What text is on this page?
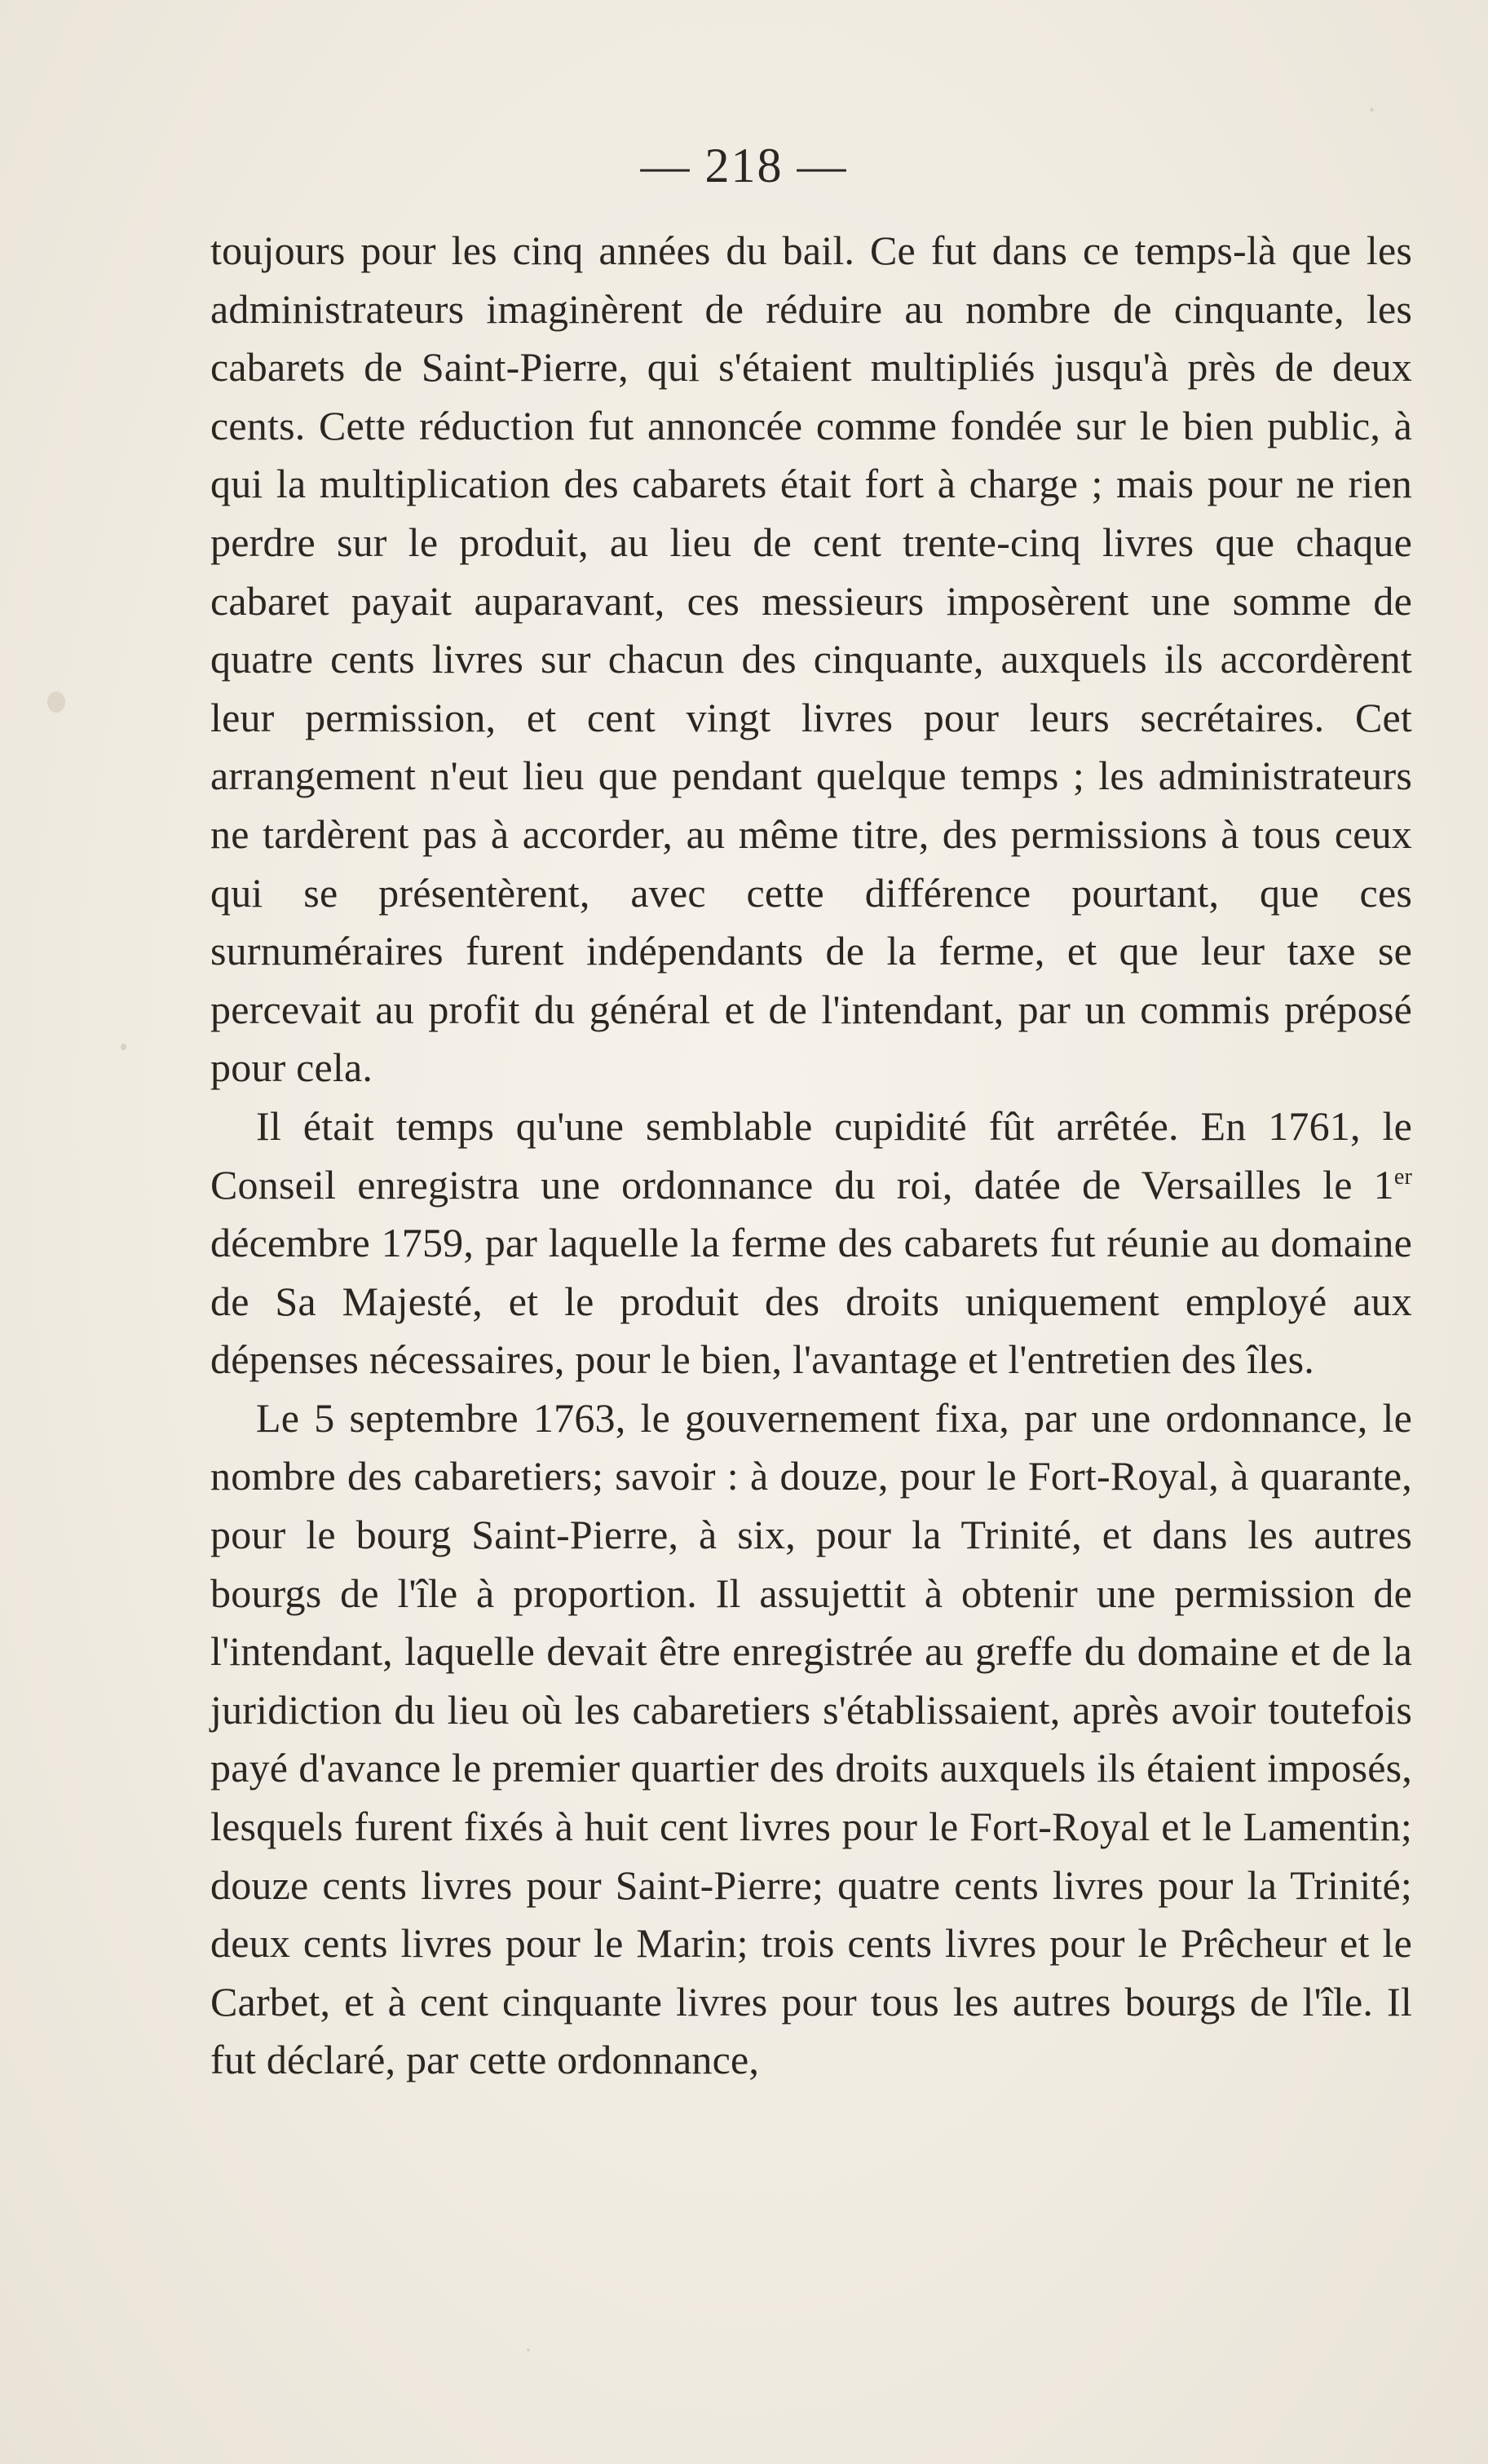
— 218 —

toujours pour les cinq années du bail. Ce fut dans ce temps-là que les administrateurs imaginèrent de réduire au nombre de cinquante, les cabarets de Saint-Pierre, qui s'étaient multipliés jusqu'à près de deux cents. Cette réduction fut annoncée comme fondée sur le bien public, à qui la multiplication des cabarets était fort à charge ; mais pour ne rien perdre sur le produit, au lieu de cent trente-cinq livres que chaque cabaret payait auparavant, ces messieurs imposèrent une somme de quatre cents livres sur chacun des cinquante, auxquels ils accordèrent leur permission, et cent vingt livres pour leurs secrétaires. Cet arrangement n'eut lieu que pendant quelque temps ; les administrateurs ne tardèrent pas à accorder, au même titre, des permissions à tous ceux qui se présentèrent, avec cette différence pourtant, que ces surnuméraires furent indépendants de la ferme, et que leur taxe se percevait au profit du général et de l'intendant, par un commis préposé pour cela.

Il était temps qu'une semblable cupidité fût arrêtée. En 1761, le Conseil enregistra une ordonnance du roi, datée de Versailles le 1er décembre 1759, par laquelle la ferme des cabarets fut réunie au domaine de Sa Majesté, et le produit des droits uniquement employé aux dépenses nécessaires, pour le bien, l'avantage et l'entretien des îles.

Le 5 septembre 1763, le gouvernement fixa, par une ordonnance, le nombre des cabaretiers; savoir : à douze, pour le Fort-Royal, à quarante, pour le bourg Saint-Pierre, à six, pour la Trinité, et dans les autres bourgs de l'île à proportion. Il assujettit à obtenir une permission de l'intendant, laquelle devait être enregistrée au greffe du domaine et de la juridiction du lieu où les cabaretiers s'établissaient, après avoir toutefois payé d'avance le premier quartier des droits auxquels ils étaient imposés, lesquels furent fixés à huit cent livres pour le Fort-Royal et le Lamentin; douze cents livres pour Saint-Pierre; quatre cents livres pour la Trinité; deux cents livres pour le Marin; trois cents livres pour le Prêcheur et le Carbet, et à cent cinquante livres pour tous les autres bourgs de l'île. Il fut déclaré, par cette ordonnance,
